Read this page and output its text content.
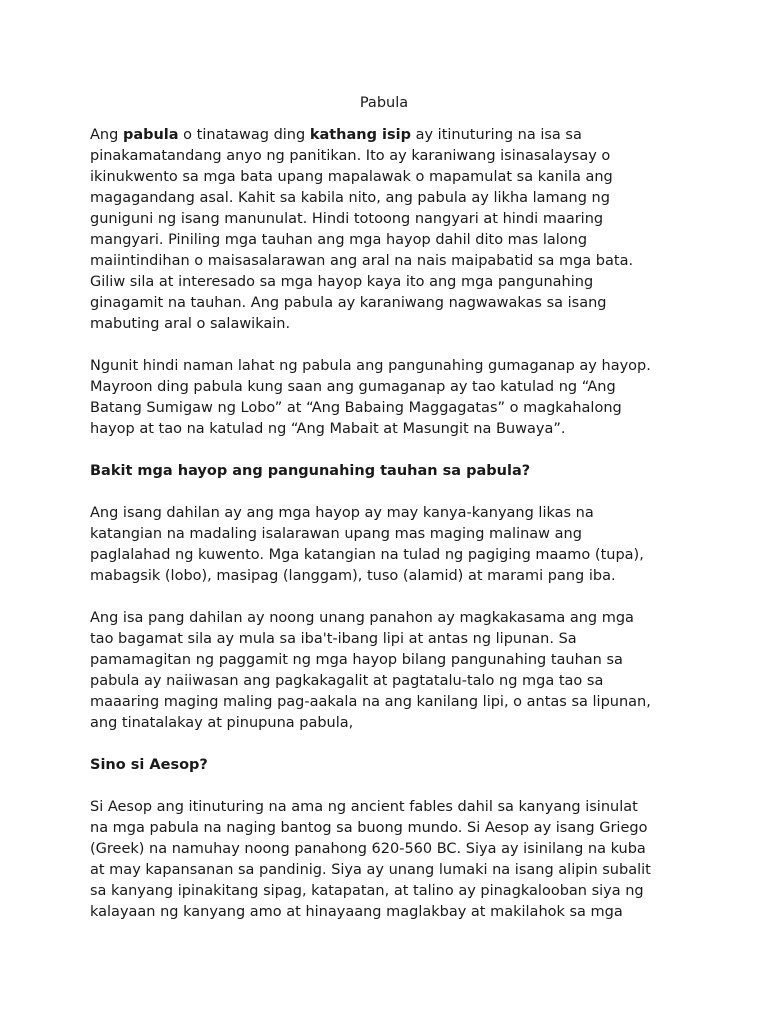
Pabula
Ang pabula o tinatawag ding kathang isip ay itinuturing na isa sa
pinakamatandang anyo ng panitikan. Ito ay karaniwang isinasalaysay o
ikinukwento sa mga bata upang mapalawak o mapamulat sa kanila ang
magagandang asal. Kahit sa kabila nito, ang pabula ay likha lamang ng
guniguni ng isang manunulat. Hindi totoong nangyari at hindi maaring
mangyari. Piniling mga tauhan ang mga hayop dahil dito mas lalong
maiintindihan o maisasalarawan ang aral na nais maipabatid sa mga bata.
Giliw sila at interesado sa mga hayop kaya ito ang mga pangunahing
ginagamit na tauhan. Ang pabula ay karaniwang nagwawakas sa isang
mabuting aral o salawikain.
Ngunit hindi naman lahat ng pabula ang pangunahing gumaganap ay hayop.
Mayroon ding pabula kung saan ang gumaganap ay tao katulad ng “Ang
Batang Sumigaw ng Lobo” at “Ang Babaing Maggagatas” o magkahalong
hayop at tao na katulad ng “Ang Mabait at Masungit na Buwaya”.
Bakit mga hayop ang pangunahing tauhan sa pabula?
Ang isang dahilan ay ang mga hayop ay may kanya-kanyang likas na
katangian na madaling isalarawan upang mas maging malinaw ang
paglalahad ng kuwento. Mga katangian na tulad ng pagiging maamo (tupa),
mabagsik (lobo), masipag (langgam), tuso (alamid) at marami pang iba.
Ang isa pang dahilan ay noong unang panahon ay magkakasama ang mga
tao bagamat sila ay mula sa iba't-ibang lipi at antas ng lipunan. Sa
pamamagitan ng paggamit ng mga hayop bilang pangunahing tauhan sa
pabula ay naiiwasan ang pagkakagalit at pagtatalu-talo ng mga tao sa
maaaring maging maling pag-aakala na ang kanilang lipi, o antas sa lipunan,
ang tinatalakay at pinupuna pabula,
Sino si Aesop?
Si Aesop ang itinuturing na ama ng ancient fables dahil sa kanyang isinulat
na mga pabula na naging bantog sa buong mundo. Si Aesop ay isang Griego
(Greek) na namuhay noong panahong 620-560 BC. Siya ay isinilang na kuba
at may kapansanan sa pandinig. Siya ay unang lumaki na isang alipin subalit
sa kanyang ipinakitang sipag, katapatan, at talino ay pinagkalooban siya ng
kalayaan ng kanyang amo at hinayaang maglakbay at makilahok sa mga
